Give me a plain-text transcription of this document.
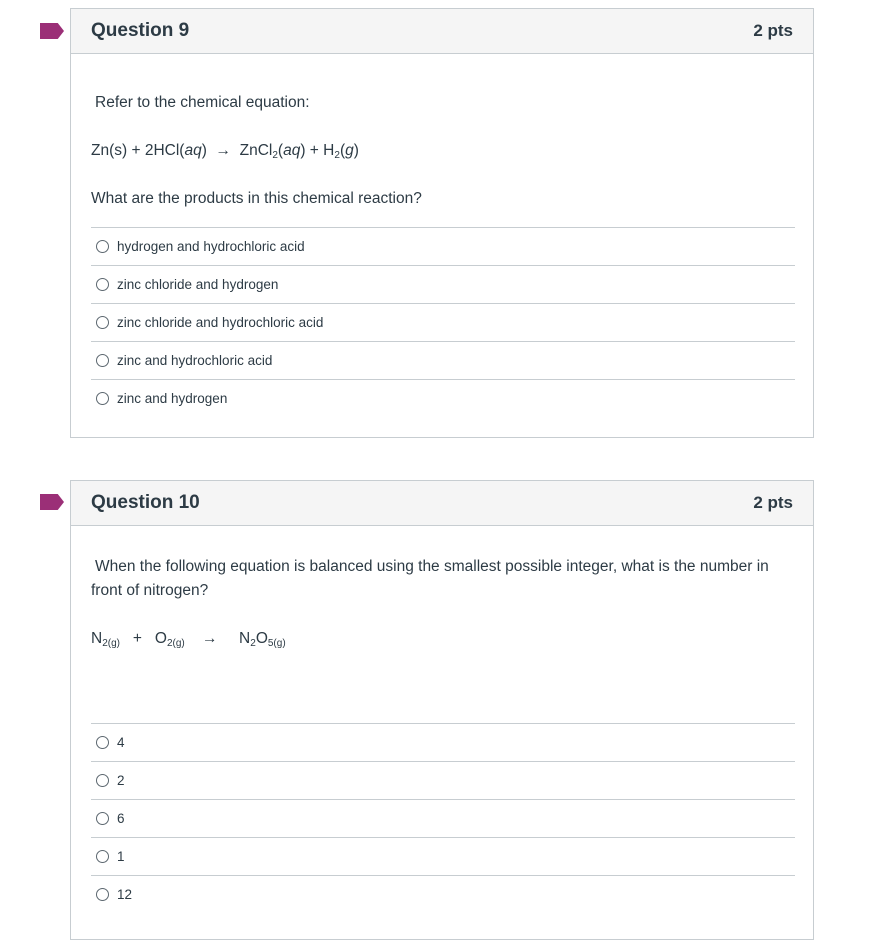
Question 9	2 pts
Refer to the chemical equation:
Zn(s) + 2HCl(aq) → ZnCl$_2$(aq) + $H_2(g)$
What are the products in this chemical reaction?
hydrogen and hydrochloric acid
zinc chloride and hydrogen
zinc chloride and hydrochloric acid
zinc and hydrochloric acid
zinc and hydrogen
Question 10	2 pts
When the following equation is balanced using the smallest possible integer, what is the number in
front of nitrogen?
$N_{2(g)} + O_{2(g)} \to N_2O_{5(g)}$
4
2
6
1
12
